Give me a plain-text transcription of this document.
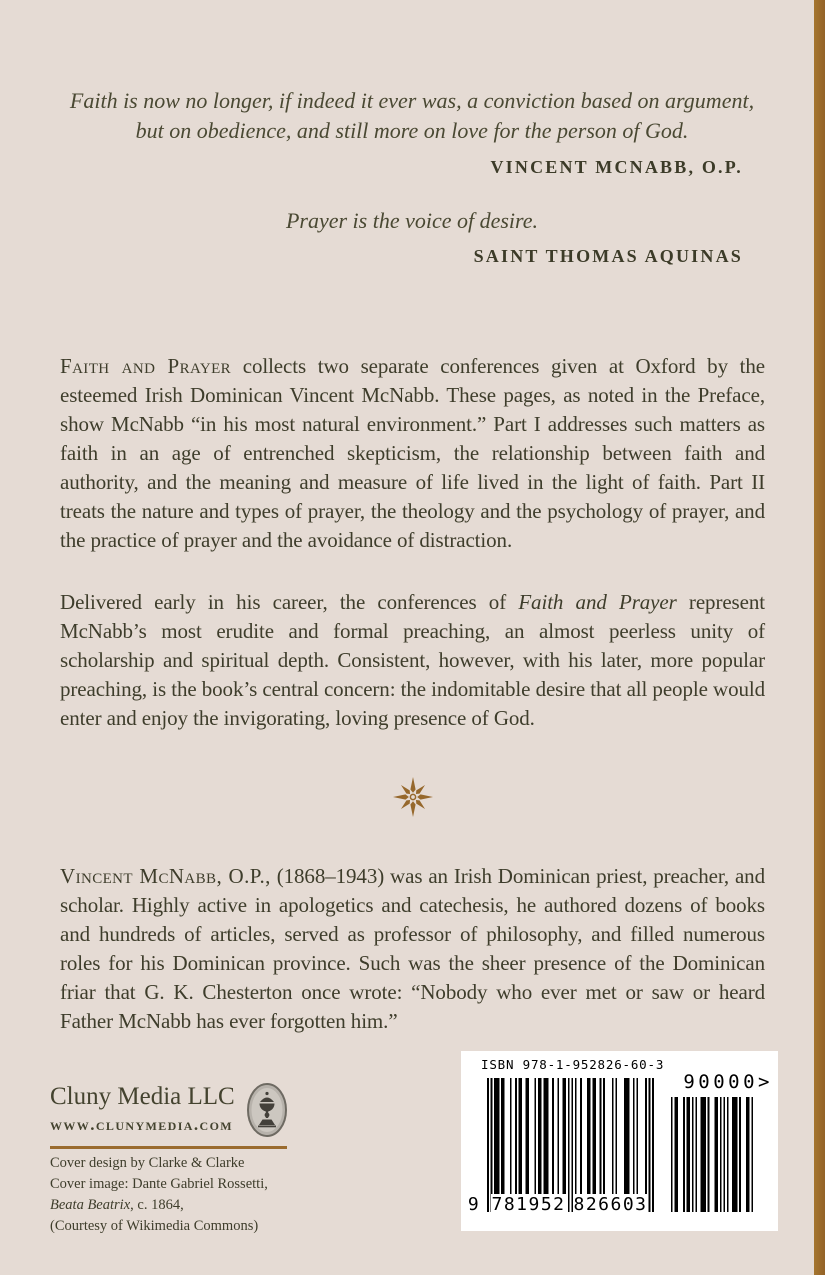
Faith is now no longer, if indeed it ever was, a conviction based on argument, but on obedience, and still more on love for the person of God.

VINCENT MCNABB, O.P.

Prayer is the voice of desire.

SAINT THOMAS AQUINAS

Faith and Prayer collects two separate conferences given at Oxford by the esteemed Irish Dominican Vincent McNabb. These pages, as noted in the Preface, show McNabb “in his most natural environment.” Part I addresses such matters as faith in an age of entrenched skepticism, the relationship between faith and authority, and the meaning and measure of life lived in the light of faith. Part II treats the nature and types of prayer, the theology and the psychology of prayer, and the practice of prayer and the avoidance of distraction.

Delivered early in his career, the conferences of Faith and Prayer represent McNabb’s most erudite and formal preaching, an almost peerless unity of scholarship and spiritual depth. Consistent, however, with his later, more popular preaching, is the book’s central concern: the indomitable desire that all people would enter and enjoy the invigorating, loving presence of God.

Vincent McNabb, O.P., (1868–1943) was an Irish Dominican priest, preacher, and scholar. Highly active in apologetics and catechesis, he authored dozens of books and hundreds of articles, served as professor of philosophy, and filled numerous roles for his Dominican province. Such was the sheer presence of the Dominican friar that G. K. Chesterton once wrote: “Nobody who ever met or saw or heard Father McNabb has ever forgotten him.”

Cluny Media LLC

www.clunymedia.com

Cover design by Clarke & Clarke
Cover image: Dante Gabriel Rossetti,
Beata Beatrix, c. 1864,
(Courtesy of Wikimedia Commons)

ISBN 978-1-952826-60-3

9 781952 826603

90000>
